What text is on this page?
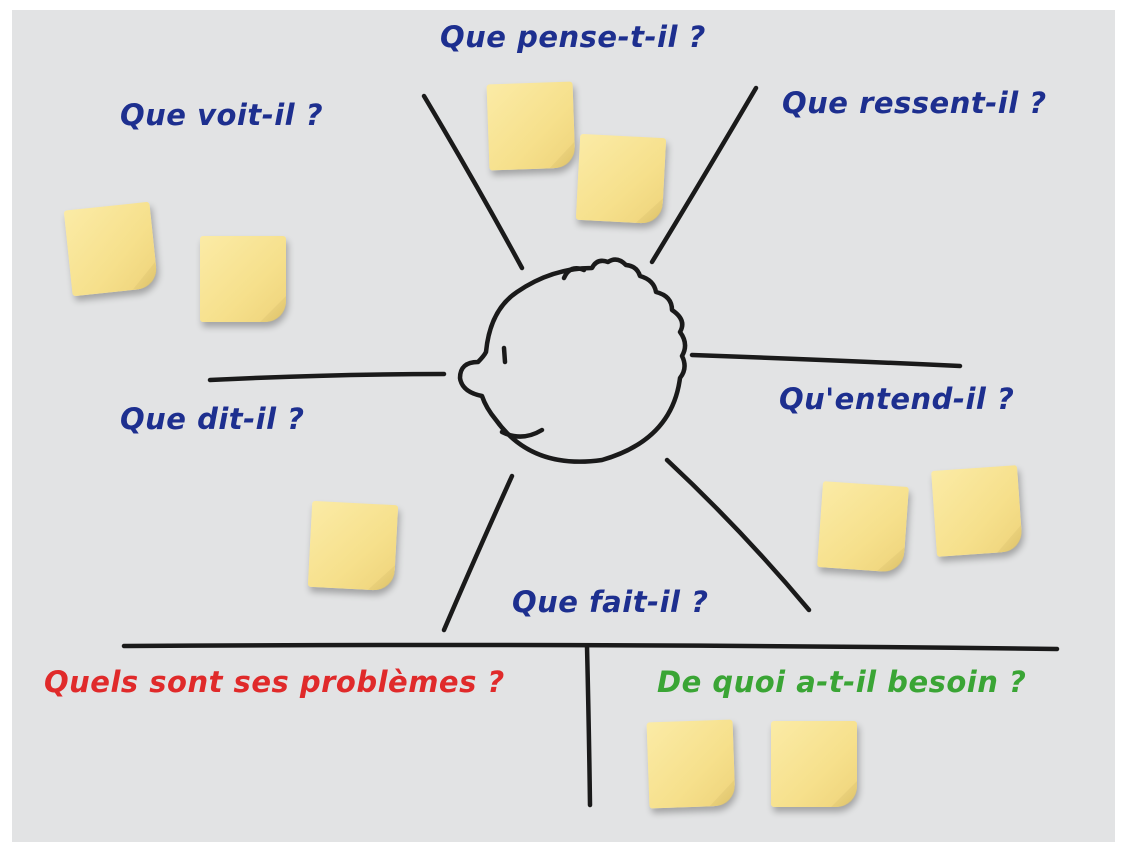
Que voit-il ?
Que pense-t-il ?
Que ressent-il ?
Qu'entend-il ?
Que dit-il ?
Que fait-il ?
Quels sont ses problèmes ?	De quoi a-t-il besoin ?
